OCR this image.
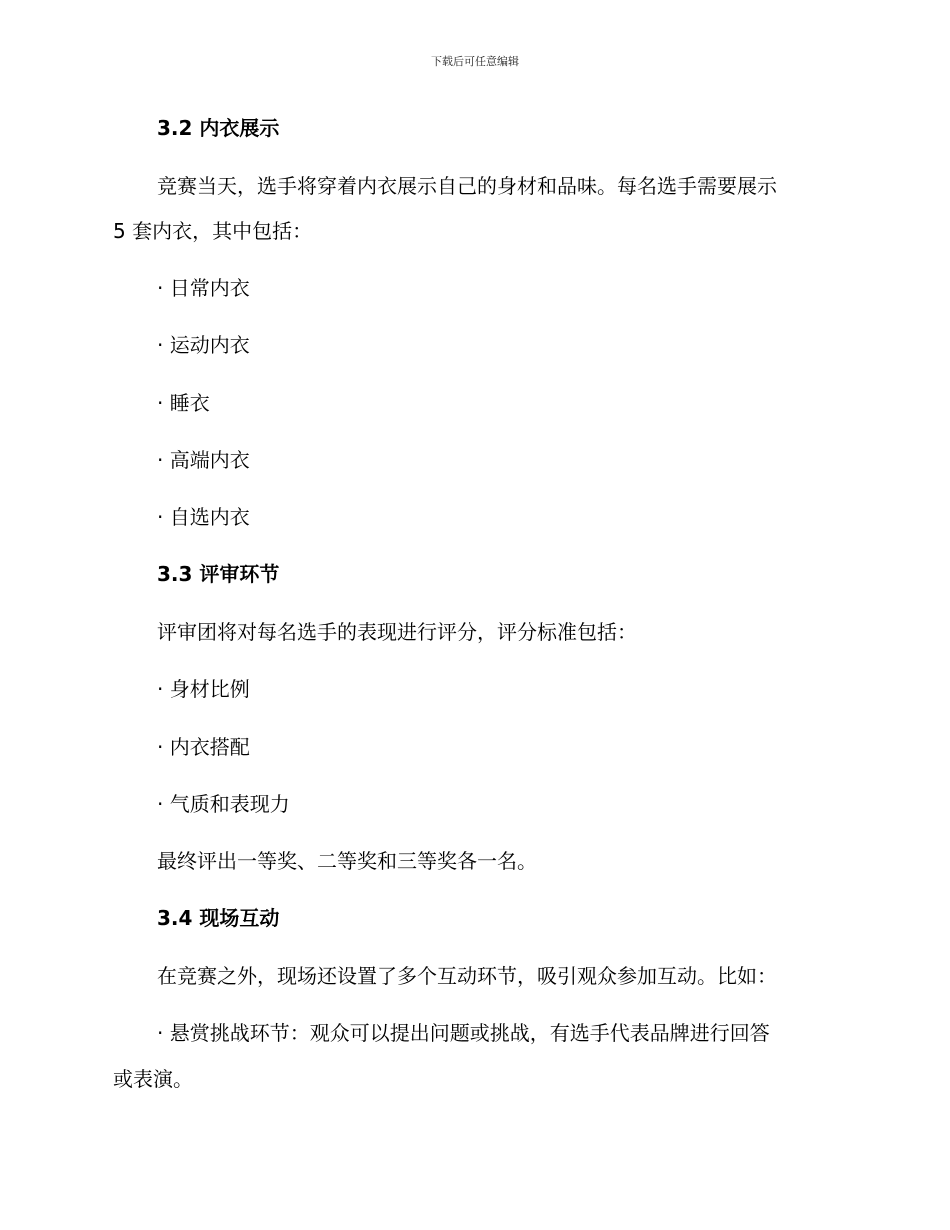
下载后可任意编辑

3.2 内衣展示

竞赛当天，选手将穿着内衣展示自己的身材和品味。每名选手需要展示

5 套内衣，其中包括：

· 日常内衣

· 运动内衣

· 睡衣

· 高端内衣

· 自选内衣

3.3 评审环节

评审团将对每名选手的表现进行评分，评分标准包括：

· 身材比例

· 内衣搭配

· 气质和表现力

最终评出一等奖、二等奖和三等奖各一名。

3.4 现场互动

在竞赛之外，现场还设置了多个互动环节，吸引观众参加互动。比如：

· 悬赏挑战环节：观众可以提出问题或挑战，有选手代表品牌进行回答

或表演。
